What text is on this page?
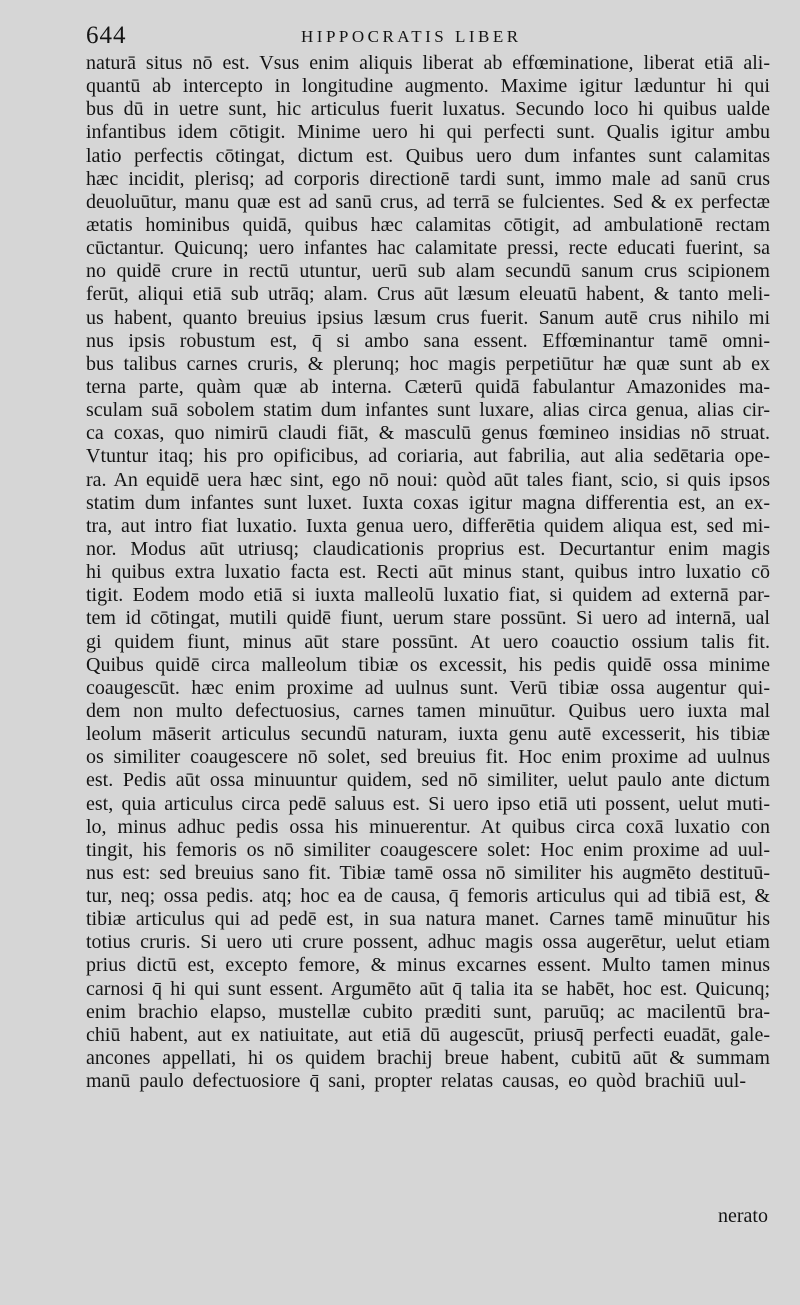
644	HIPPOCRATIS LIBER
naturā situs nō est. Vsus enim aliquis liberat ab effœminatione, liberat etiā ali-
quantū ab intercepto in longitudine augmento. Maxime igitur læduntur hi qui
bus dū in uetre sunt, hic articulus fuerit luxatus. Secundo loco hi quibus ualde
infantibus idem cōtigit. Minime uero hi qui perfecti sunt. Qualis igitur ambu
latio perfectis cōtingat, dictum est. Quibus uero dum infantes sunt calamitas
hæc incidit, plerisq; ad corporis directionē tardi sunt, immo male ad sanū crus
deuoluūtur, manu quæ est ad sanū crus, ad terrā se fulcientes. Sed & ex perfectæ
ætatis hominibus quidā, quibus hæc calamitas cōtigit, ad ambulationē rectam
cūctantur. Quicunq; uero infantes hac calamitate pressi, recte educati fuerint, sa
no quidē crure in rectū utuntur, uerū sub alam secundū sanum crus scipionem
ferūt, aliqui etiā sub utrāq; alam. Crus aūt læsum eleuatū habent, & tanto meli-
us habent, quanto breuius ipsius læsum crus fuerit. Sanum autē crus nihilo mi
nus ipsis robustum est, q̄ si ambo sana essent. Effœminantur tamē omni-
bus talibus carnes cruris, & plerunq; hoc magis perpetiūtur hæ quæ sunt ab ex
terna parte, quàm quæ ab interna. Cæterū quidā fabulantur Amazonides ma-
sculam suā sobolem statim dum infantes sunt luxare, alias circa genua, alias cir-
ca coxas, quo nimirū claudi fiāt, & masculū genus fœmineo insidias nō struat.
Vtuntur itaq; his pro opificibus, ad coriaria, aut fabrilia, aut alia sedētaria ope-
ra. An equidē uera hæc sint, ego nō noui: quòd aūt tales fiant, scio, si quis ipsos
statim dum infantes sunt luxet. Iuxta coxas igitur magna differentia est, an ex-
tra, aut intro fiat luxatio. Iuxta genua uero, differētia quidem aliqua est, sed mi-
nor. Modus aūt utriusq; claudicationis proprius est. Decurtantur enim magis
hi quibus extra luxatio facta est. Recti aūt minus stant, quibus intro luxatio cō
tigit. Eodem modo etiā si iuxta malleolū luxatio fiat, si quidem ad externā par-
tem id cōtingat, mutili quidē fiunt, uerum stare possūnt. Si uero ad internā, ual
gi quidem fiunt, minus aūt stare possūnt. At uero coauctio ossium talis fit.
Quibus quidē circa malleolum tibiæ os excessit, his pedis quidē ossa minime
coaugescūt. hæc enim proxime ad uulnus sunt. Verū tibiæ ossa augentur qui-
dem non multo defectuosius, carnes tamen minuūtur. Quibus uero iuxta mal
leolum māserit articulus secundū naturam, iuxta genu autē excesserit, his tibiæ
os similiter coaugescere nō solet, sed breuius fit. Hoc enim proxime ad uulnus
est. Pedis aūt ossa minuuntur quidem, sed nō similiter, uelut paulo ante dictum
est, quia articulus circa pedē saluus est. Si uero ipso etiā uti possent, uelut muti-
lo, minus adhuc pedis ossa his minuerentur. At quibus circa coxā luxatio con
tingit, his femoris os nō similiter coaugescere solet: Hoc enim proxime ad uul-
nus est: sed breuius sano fit. Tibiæ tamē ossa nō similiter his augmēto destituū-
tur, neq; ossa pedis. atq; hoc ea de causa, q̄ femoris articulus qui ad tibiā est, &
tibiæ articulus qui ad pedē est, in sua natura manet. Carnes tamē minuūtur his
totius cruris. Si uero uti crure possent, adhuc magis ossa augerētur, uelut etiam
prius dictū est, excepto femore, & minus excarnes essent. Multo tamen minus
carnosi q̄ hi qui sunt essent. Argumēto aūt q̄ talia ita se habēt, hoc est. Quicunq;
enim brachio elapso, mustellæ cubito præditi sunt, paruūq; ac macilentū bra-
chiū habent, aut ex natiuitate, aut etiā dū augescūt, priusq̄ perfecti euadāt, gale-
ancones appellati, hi os quidem brachij breue habent, cubitū aūt & summam
manū paulo defectuosiore q̄ sani, propter relatas causas, eo quòd brachiū uul-
nerato
